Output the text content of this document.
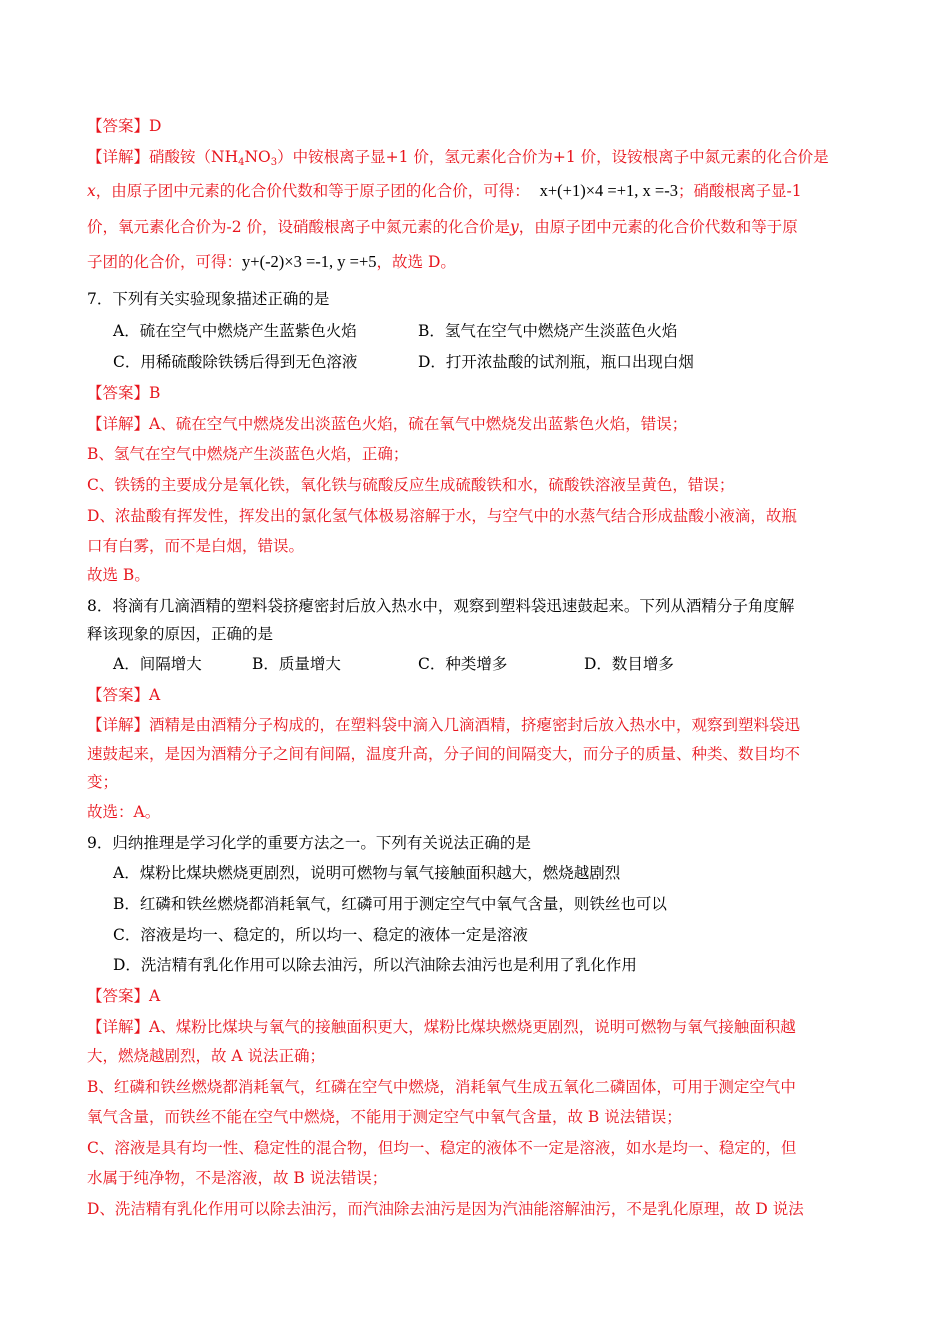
【答案】D
【详解】硝酸铵$(NH_4NO_3)$中铵根离子显+1 价，氢元素化合价为+1 价，设铵根离子中氮元素的化合价是
x，由原子团中元素的化合价代数和等于原子团的化合价，可得： x+(+1)×4 =+1, x =-3；硝酸根离子显-1
价，氧元素化合价为-2 价，设硝酸根离子中氮元素的化合价是y，由原子团中元素的化合价代数和等于原
子团的化合价，可得：y+(-2)×3 =-1, y =+5，故选 D。
7．下列有关实验现象描述正确的是
A．硫在空气中燃烧产生蓝紫色火焰	B．氢气在空气中燃烧产生淡蓝色火焰
C．用稀硫酸除铁锈后得到无色溶液	D．打开浓盐酸的试剂瓶，瓶口出现白烟
【答案】B
【详解】A、硫在空气中燃烧发出淡蓝色火焰，硫在氧气中燃烧发出蓝紫色火焰，错误；
B、氢气在空气中燃烧产生淡蓝色火焰，正确；
C、铁锈的主要成分是氧化铁，氧化铁与硫酸反应生成硫酸铁和水，硫酸铁溶液呈黄色，错误；
D、浓盐酸有挥发性，挥发出的氯化氢气体极易溶解于水，与空气中的水蒸气结合形成盐酸小液滴，故瓶
口有白雾，而不是白烟，错误。
故选 B。
8．将滴有几滴酒精的塑料袋挤瘪密封后放入热水中，观察到塑料袋迅速鼓起来。下列从酒精分子角度解
释该现象的原因，正确的是
A．间隔增大	B．质量增大	C．种类增多	D．数目增多
【答案】A
【详解】酒精是由酒精分子构成的，在塑料袋中滴入几滴酒精，挤瘪密封后放入热水中，观察到塑料袋迅
速鼓起来，是因为酒精分子之间有间隔，温度升高，分子间的间隔变大，而分子的质量、种类、数目均不
变；
故选：A。
9．归纳推理是学习化学的重要方法之一。下列有关说法正确的是
A．煤粉比煤块燃烧更剧烈，说明可燃物与氧气接触面积越大，燃烧越剧烈
B．红磷和铁丝燃烧都消耗氧气，红磷可用于测定空气中氧气含量，则铁丝也可以
C．溶液是均一、稳定的，所以均一、稳定的液体一定是溶液
D．洗洁精有乳化作用可以除去油污，所以汽油除去油污也是利用了乳化作用
【答案】A
【详解】A、煤粉比煤块与氧气的接触面积更大，煤粉比煤块燃烧更剧烈，说明可燃物与氧气接触面积越
大，燃烧越剧烈，故 A 说法正确；
B、红磷和铁丝燃烧都消耗氧气，红磷在空气中燃烧，消耗氧气生成五氧化二磷固体，可用于测定空气中
氧气含量，而铁丝不能在空气中燃烧，不能用于测定空气中氧气含量，故 B 说法错误；
C、溶液是具有均一性、稳定性的混合物，但均一、稳定的液体不一定是溶液，如水是均一、稳定的，但
水属于纯净物，不是溶液，故 B 说法错误；
D、洗洁精有乳化作用可以除去油污，而汽油除去油污是因为汽油能溶解油污，不是乳化原理，故 D 说法
